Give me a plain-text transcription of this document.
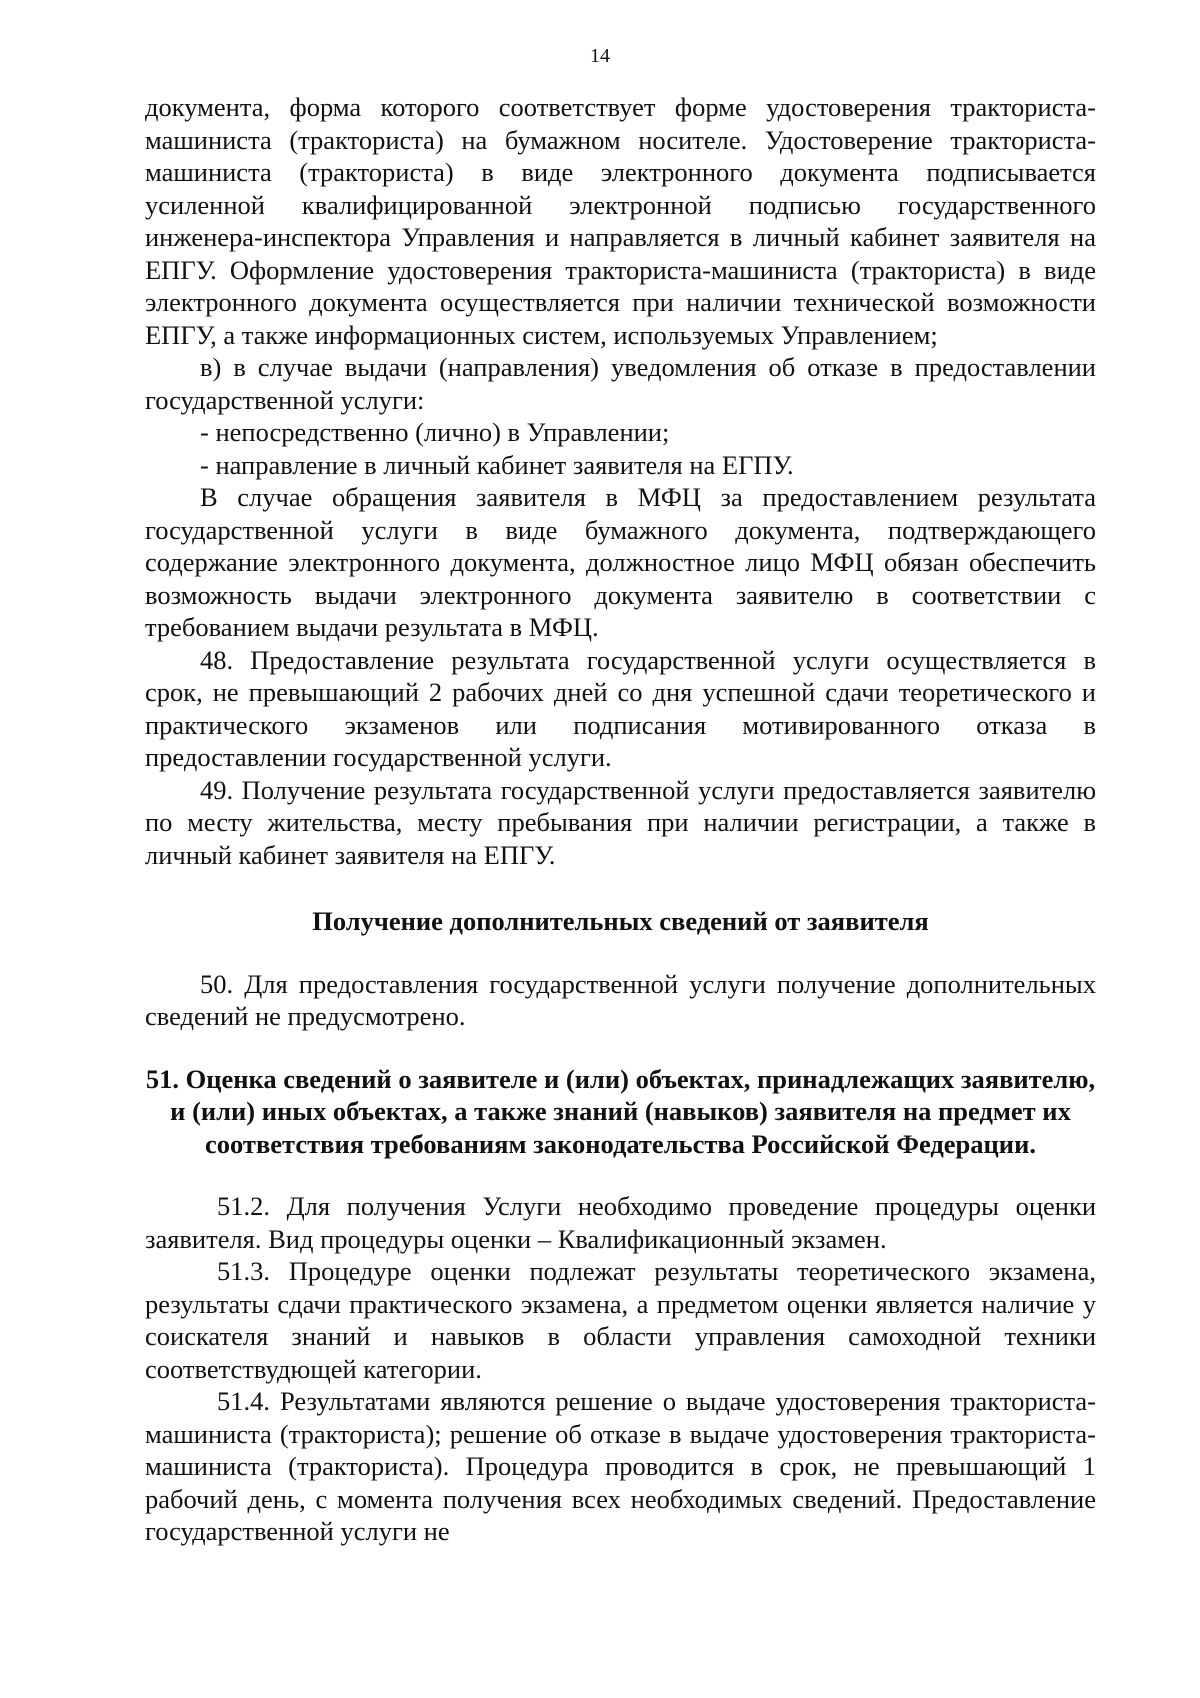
14

документа, форма которого соответствует форме удостоверения тракториста-машиниста (тракториста) на бумажном носителе. Удостоверение тракториста-машиниста (тракториста) в виде электронного документа подписывается усиленной квалифицированной электронной подписью государственного инженера-инспектора Управления и направляется в личный кабинет заявителя на ЕПГУ. Оформление удостоверения тракториста-машиниста (тракториста) в виде электронного документа осуществляется при наличии технической возможности ЕПГУ, а также информационных систем, используемых Управлением;

в) в случае выдачи (направления) уведомления об отказе в предоставлении государственной услуги:

- непосредственно (лично) в Управлении;

- направление в личный кабинет заявителя на ЕГПУ.

В случае обращения заявителя в МФЦ за предоставлением результата государственной услуги в виде бумажного документа, подтверждающего содержание электронного документа, должностное лицо МФЦ обязан обеспечить возможность выдачи электронного документа заявителю в соответствии с требованием выдачи результата в МФЦ.

48. Предоставление результата государственной услуги осуществляется в срок, не превышающий 2 рабочих дней со дня успешной сдачи теоретического и практического экзаменов или подписания мотивированного отказа в предоставлении государственной услуги.

49. Получение результата государственной услуги предоставляется заявителю по месту жительства, месту пребывания при наличии регистрации, а также в личный кабинет заявителя на ЕПГУ.

Получение дополнительных сведений от заявителя

50. Для предоставления государственной услуги получение дополнительных сведений не предусмотрено.

51. Оценка сведений о заявителе и (или) объектах, принадлежащих заявителю, и (или) иных объектах, а также знаний (навыков) заявителя на предмет их соответствия требованиям законодательства Российской Федерации.

51.2. Для получения Услуги необходимо проведение процедуры оценки заявителя. Вид процедуры оценки – Квалификационный экзамен.

51.3. Процедуре оценки подлежат результаты теоретического экзамена, результаты сдачи практического экзамена, а предметом оценки является наличие у соискателя знаний и навыков в области управления самоходной техники соответствудющей категории.

51.4. Результатами являются решение о выдаче удостоверения тракториста-машиниста (тракториста); решение об отказе в выдаче удостоверения тракториста-машиниста (тракториста). Процедура проводится в срок, не превышающий 1 рабочий день, с момента получения всех необходимых сведений. Предоставление государственной услуги не
